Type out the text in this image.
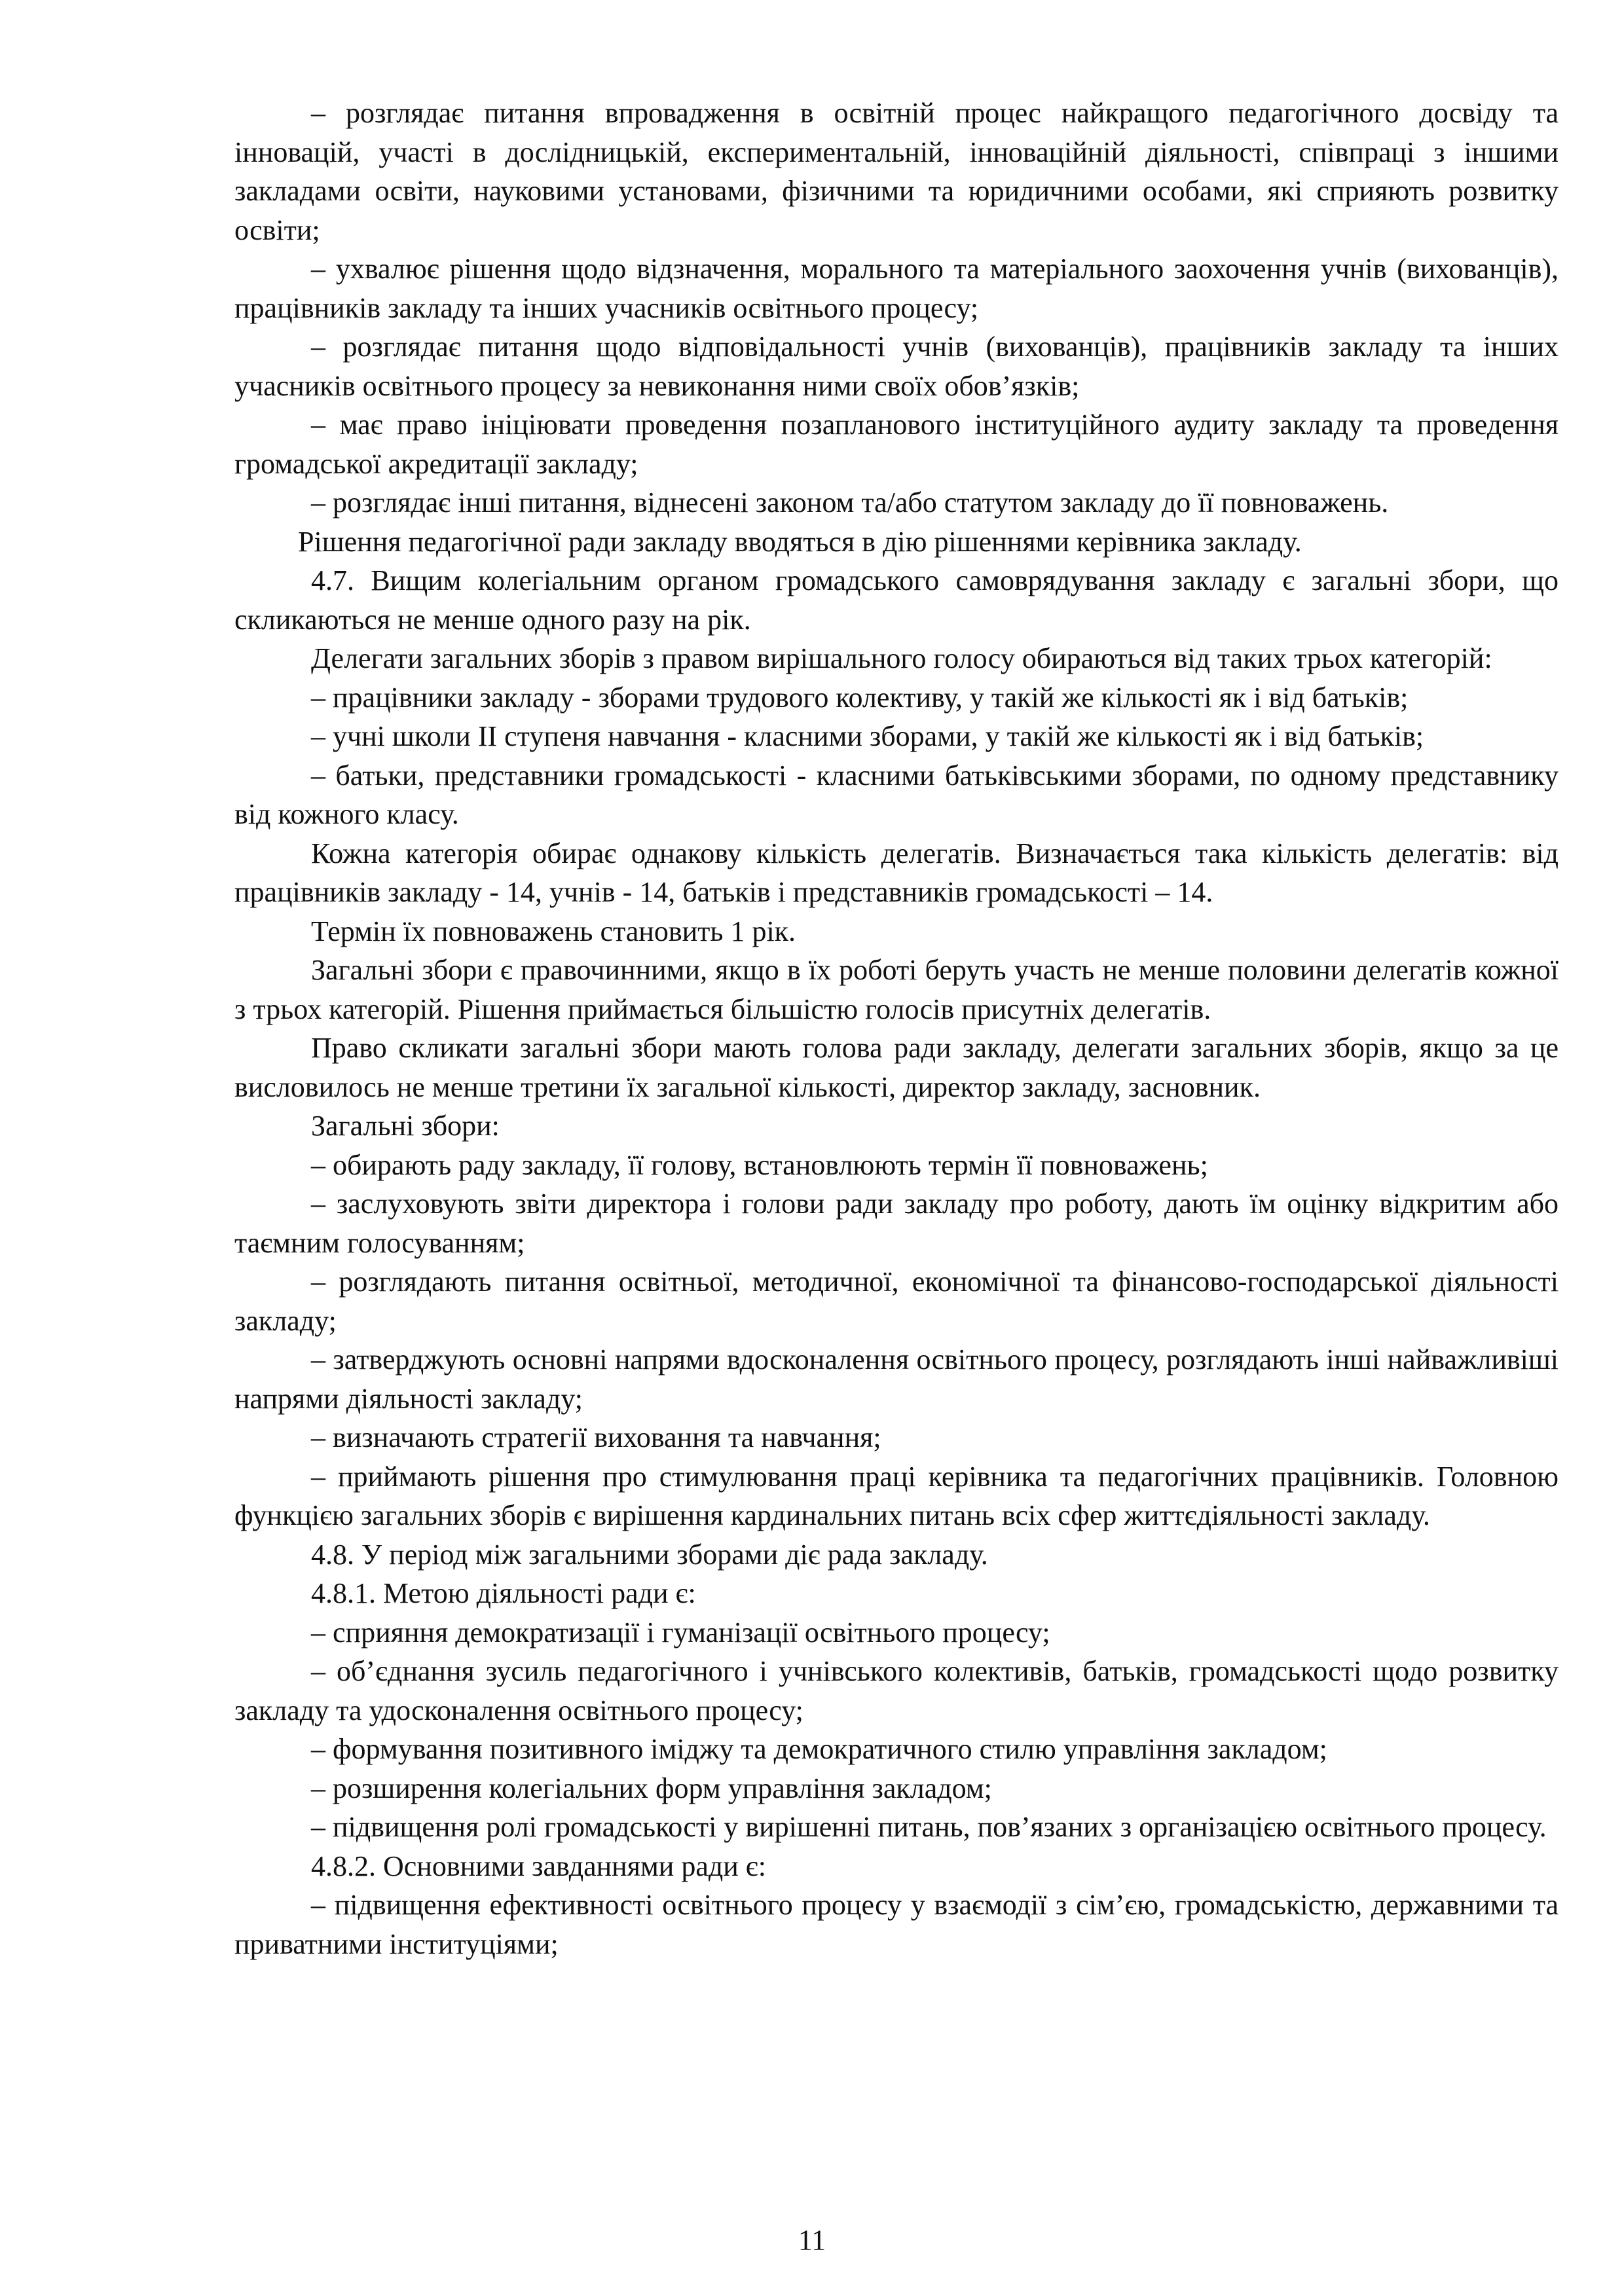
– розглядає питання впровадження в освітній процес найкращого педагогічного досвіду та інновацій, участі в дослідницькій, експериментальній, інноваційній діяльності, співпраці з іншими закладами освіти, науковими установами, фізичними та юридичними особами, які сприяють розвитку освіти;

– ухвалює рішення щодо відзначення, морального та матеріального заохочення учнів (вихованців), працівників закладу та інших учасників освітнього процесу;

– розглядає питання щодо відповідальності учнів (вихованців), працівників закладу та інших учасників освітнього процесу за невиконання ними своїх обов’язків;

– має право ініціювати проведення позапланового інституційного аудиту закладу та проведення громадської акредитації закладу;

– розглядає інші питання, віднесені законом та/або статутом закладу до її повноважень.

Рішення педагогічної ради закладу вводяться в дію рішеннями керівника закладу.

4.7. Вищим колегіальним органом громадського самоврядування закладу є загальні збори, що скликаються не менше одного разу на рік.

Делегати загальних зборів з правом вирішального голосу обираються від таких трьох категорій:

– працівники закладу - зборами трудового колективу, у такій же кількості як і від батьків;

– учні школи ІІ ступеня навчання - класними зборами, у такій же кількості як і від батьків;

– батьки, представники громадськості - класними батьківськими зборами, по одному представнику від кожного класу.

Кожна категорія обирає однакову кількість делегатів. Визначається така кількість делегатів: від працівників закладу - 14, учнів - 14, батьків і представників громадськості – 14.

Термін їх повноважень становить 1 рік.

Загальні збори є правочинними, якщо в їх роботі беруть участь не менше половини делегатів кожної з трьох категорій. Рішення приймається більшістю голосів присутніх делегатів.

Право скликати загальні збори мають голова ради закладу, делегати загальних зборів, якщо за це висловилось не менше третини їх загальної кількості, директор закладу, засновник.

Загальні збори:

– обирають раду закладу, її голову, встановлюють термін її повноважень;

– заслуховують звіти директора і голови ради закладу про роботу, дають їм оцінку відкритим або таємним голосуванням;

– розглядають питання освітньої, методичної, економічної та фінансово-господарської діяльності закладу;

– затверджують основні напрями вдосконалення освітнього процесу, розглядають інші найважливіші напрями діяльності закладу;

– визначають стратегії виховання та навчання;

– приймають рішення про стимулювання праці керівника та педагогічних працівників. Головною функцією загальних зборів є вирішення кардинальних питань всіх сфер життєдіяльності закладу.

4.8. У період між загальними зборами діє рада закладу.

4.8.1. Метою діяльності ради є:

– сприяння демократизації і гуманізації освітнього процесу;

– об’єднання зусиль педагогічного і учнівського колективів, батьків, громадськості щодо розвитку закладу та удосконалення освітнього процесу;

– формування позитивного іміджу та демократичного стилю управління закладом;

– розширення колегіальних форм управління закладом;

– підвищення ролі громадськості у вирішенні питань, пов’язаних з організацією освітнього процесу.

4.8.2. Основними завданнями ради є:

– підвищення ефективності освітнього процесу у взаємодії з сім’єю, громадськістю, державними та приватними інституціями;

11
